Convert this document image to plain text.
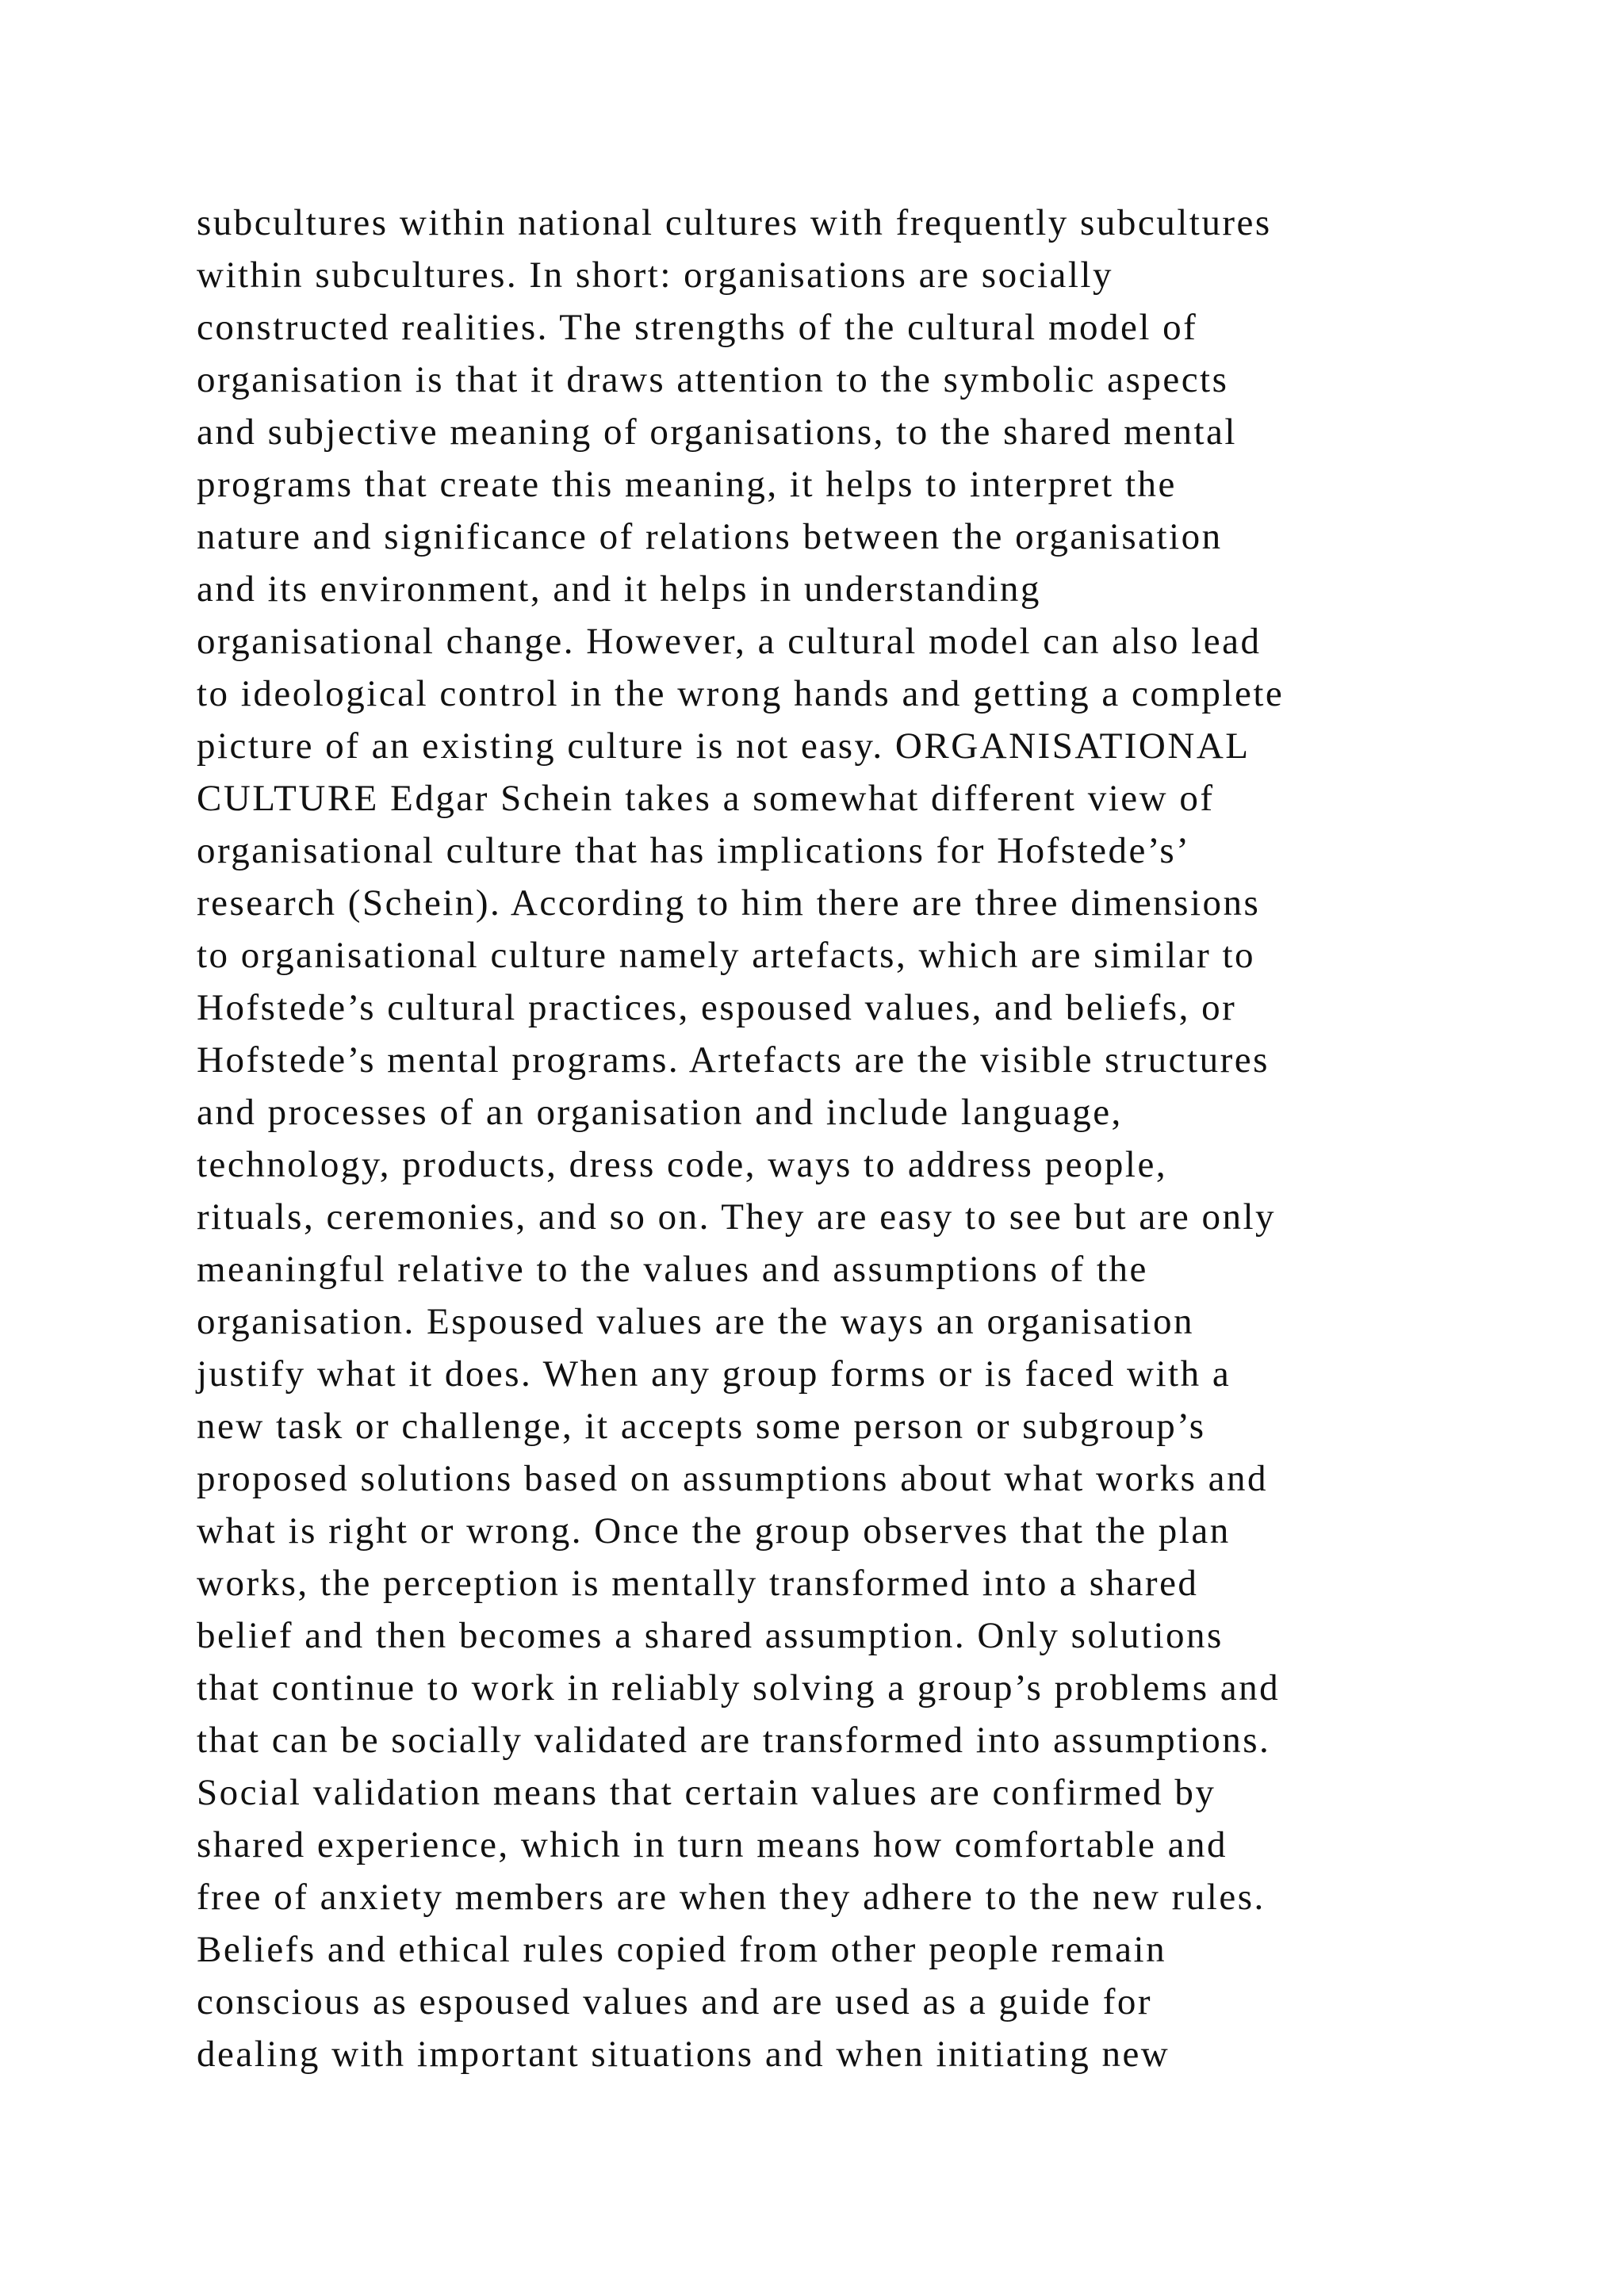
subcultures within national cultures with frequently subcultures
within subcultures. In short: organisations are socially
constructed realities. The strengths of the cultural model of
organisation is that it draws attention to the symbolic aspects
and subjective meaning of organisations, to the shared mental
programs that create this meaning, it helps to interpret the
nature and significance of relations between the organisation
and its environment, and it helps in understanding
organisational change. However, a cultural model can also lead
to ideological control in the wrong hands and getting a complete
picture of an existing culture is not easy. ORGANISATIONAL
CULTURE Edgar Schein takes a somewhat different view of
organisational culture that has implications for Hofstede’s’
research (Schein). According to him there are three dimensions
to organisational culture namely artefacts, which are similar to
Hofstede’s cultural practices, espoused values, and beliefs, or
Hofstede’s mental programs. Artefacts are the visible structures
and processes of an organisation and include language,
technology, products, dress code, ways to address people,
rituals, ceremonies, and so on. They are easy to see but are only
meaningful relative to the values and assumptions of the
organisation. Espoused values are the ways an organisation
justify what it does. When any group forms or is faced with a
new task or challenge, it accepts some person or subgroup’s
proposed solutions based on assumptions about what works and
what is right or wrong. Once the group observes that the plan
works, the perception is mentally transformed into a shared
belief and then becomes a shared assumption. Only solutions
that continue to work in reliably solving a group’s problems and
that can be socially validated are transformed into assumptions.
Social validation means that certain values are confirmed by
shared experience, which in turn means how comfortable and
free of anxiety members are when they adhere to the new rules.
Beliefs and ethical rules copied from other people remain
conscious as espoused values and are used as a guide for
dealing with important situations and when initiating new
